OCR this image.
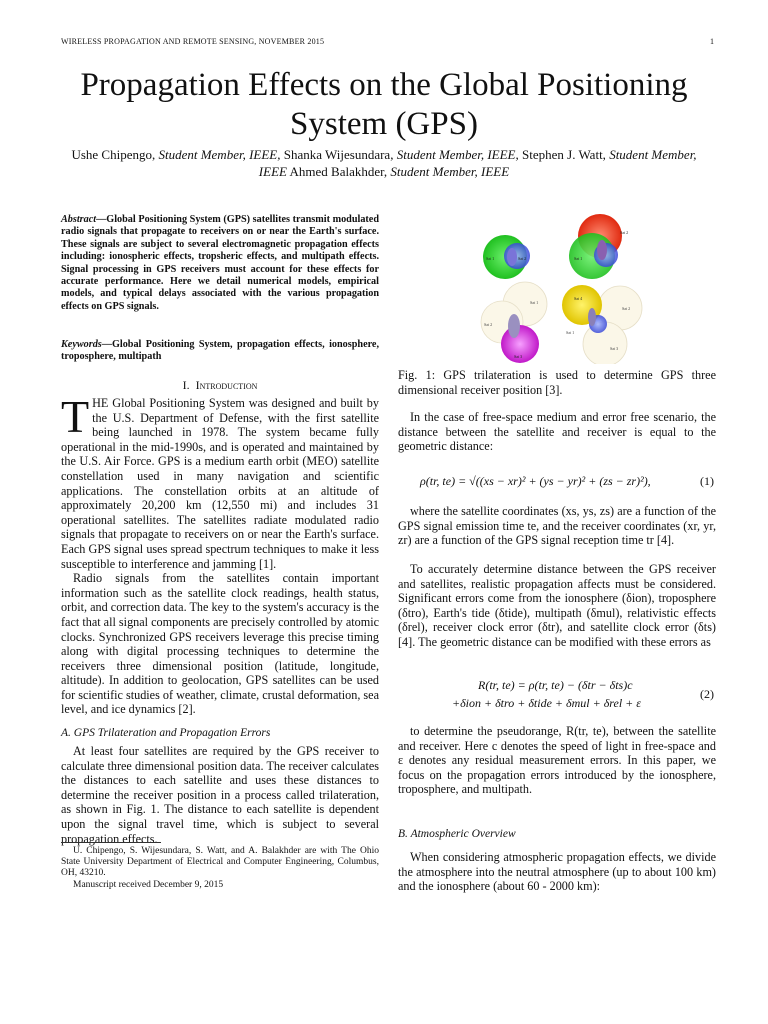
WIRELESS PROPAGATION AND REMOTE SENSING, NOVEMBER 2015	1
Propagation Effects on the Global Positioning System (GPS)
Ushe Chipengo, Student Member, IEEE, Shanka Wijesundara, Student Member, IEEE, Stephen J. Watt, Student Member, IEEE Ahmed Balakhder, Student Member, IEEE
Abstract—Global Positioning System (GPS) satellites transmit modulated radio signals that propagate to receivers on or near the Earth's surface. These signals are subject to several electromagnetic propagation effects including: ionospheric effects, tropsheric effects, and multipath effects. Signal processing in GPS receivers must account for these effects for accurate performance. Here we detail numerical models, empirical models, and typical delays associated with the various propagation effects on GPS signals.
Keywords—Global Positioning System, propagation effects, ionosphere, troposphere, multipath
I. Introduction
THE Global Positioning System was designed and built by the U.S. Department of Defense, with the first satellite being launched in 1978. The system became fully operational in the mid-1990s, and is operated and maintained by the U.S. Air Force. GPS is a medium earth orbit (MEO) satellite constellation used in many navigation and scientific applications. The constellation orbits at an altitude of approximately 20,200 km (12,550 mi) and includes 31 operational satellites. The satellites radiate modulated radio signals that propagate to receivers on or near the Earth's surface. Each GPS signal uses spread spectrum techniques to make it less susceptible to interference and jamming [1].
Radio signals from the satellites contain important information such as the satellite clock readings, health status, orbit, and correction data. The key to the system's accuracy is the fact that all signal components are precisely controlled by atomic clocks. Synchronized GPS receivers leverage this precise timing along with digital processing techniques to determine the receivers three dimensional position (latitude, longitude, altitude). In addition to geolocation, GPS satellites can be used for scientific studies of weather, climate, crustal deformation, sea level, and ice dynamics [2].
A. GPS Trilateration and Propagation Errors
At least four satellites are required by the GPS receiver to calculate three dimensional position data. The receiver calculates the distances to each satellite and uses these distances to determine the receiver position in a process called trilateration, as shown in Fig. 1. The distance to each satellite is dependent upon the signal travel time, which is subject to several propagation effects.
U. Chipengo, S. Wijesundara, S. Watt, and A. Balakhder are with The Ohio State University Department of Electrical and Computer Engineering, Columbus, OH, 43210.
Manuscript received December 9, 2015
Sat 1	Sat 2	Sat 1
Sat 2
Sat 1
Sat 2
Sat 3
Sat 4
Sat 1
Sat 2
Sat 3
Fig. 1: GPS trilateration is used to determine GPS three dimensional receiver position [3].
In the case of free-space medium and error free scenario, the distance between the satellite and receiver is equal to the geometric distance:
ρ(tr, te) = √((xs − xr)² + (ys − yr)² + (zs − zr)²),	(1)
where the satellite coordinates (xs, ys, zs) are a function of the GPS signal emission time te, and the receiver coordinates (xr, yr, zr) are a function of the GPS signal reception time tr [4].
To accurately determine distance between the GPS receiver and satellites, realistic propagation affects must be considered. Significant errors come from the ionosphere (δion), troposphere (δtro), Earth's tide (δtide), multipath (δmul), relativistic effects (δrel), receiver clock error (δtr), and satellite clock error (δts) [4]. The geometric distance can be modified with these errors as
R(tr, te) = ρ(tr, te) − (δtr − δts)c
+δion + δtro + δtide + δmul + δrel + ε
(2)
to determine the pseudorange, R(tr, te), between the satellite and receiver. Here c denotes the speed of light in free-space and ε denotes any residual measurement errors. In this paper, we focus on the propagation errors introduced by the ionosphere, troposphere, and multipath.
B. Atmospheric Overview
When considering atmospheric propagation effects, we divide the atmosphere into the neutral atmosphere (up to about 100 km) and the ionosphere (about 60 - 2000 km):
